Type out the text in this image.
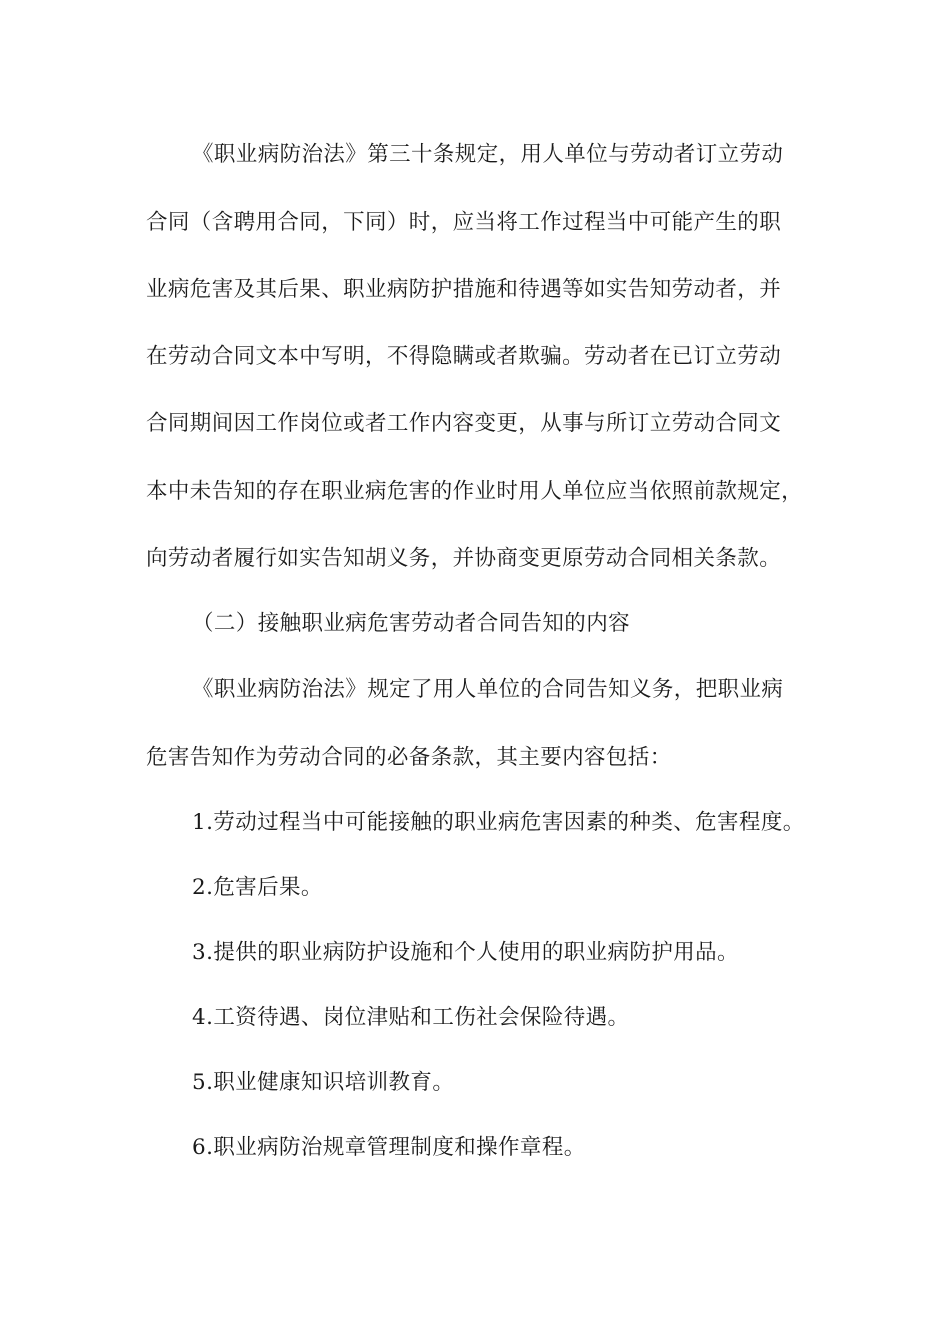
《职业病防治法》第三十条规定，用人单位与劳动者订立劳动
合同（含聘用合同，下同）时，应当将工作过程当中可能产生的职
业病危害及其后果、职业病防护措施和待遇等如实告知劳动者，并
在劳动合同文本中写明，不得隐瞒或者欺骗。劳动者在已订立劳动
合同期间因工作岗位或者工作内容变更，从事与所订立劳动合同文
本中未告知的存在职业病危害的作业时用人单位应当依照前款规定，
向劳动者履行如实告知胡义务，并协商变更原劳动合同相关条款。
（二）接触职业病危害劳动者合同告知的内容
《职业病防治法》规定了用人单位的合同告知义务，把职业病
危害告知作为劳动合同的必备条款，其主要内容包括：
1.劳动过程当中可能接触的职业病危害因素的种类、危害程度。
2.危害后果。
3.提供的职业病防护设施和个人使用的职业病防护用品。
4.工资待遇、岗位津贴和工伤社会保险待遇。
5.职业健康知识培训教育。
6.职业病防治规章管理制度和操作章程。
